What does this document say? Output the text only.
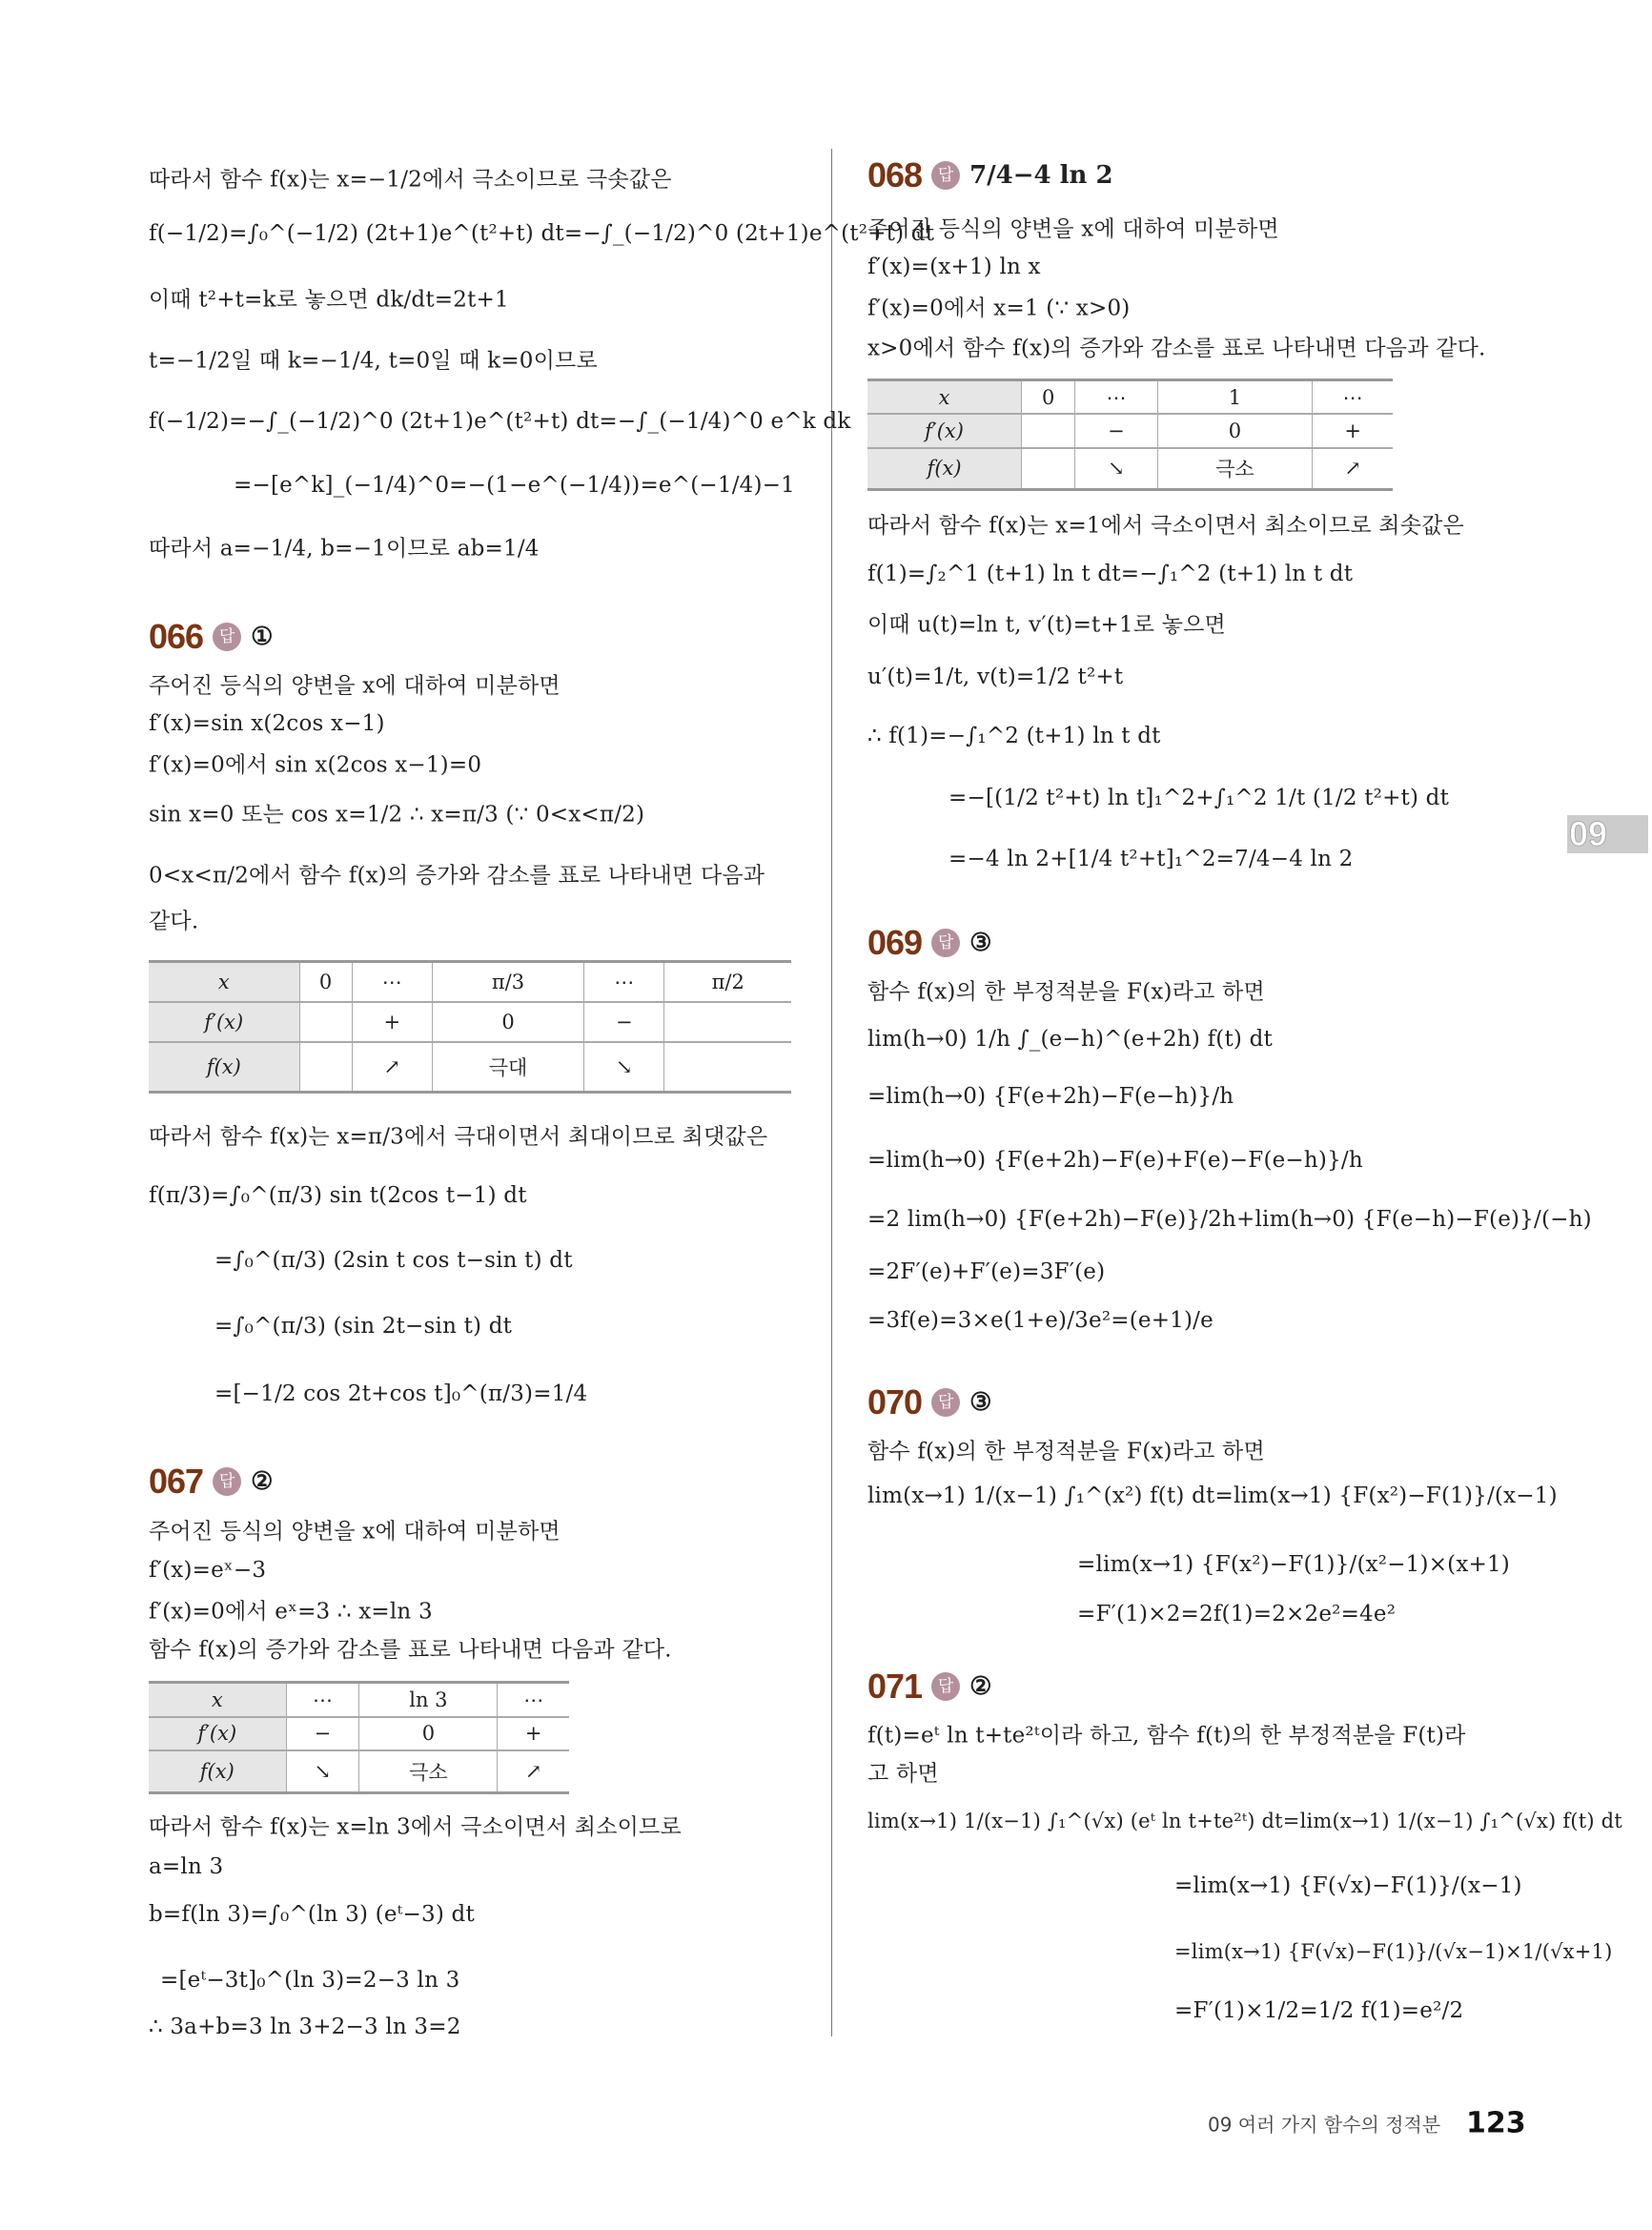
09
따라서 함수 f(x)는 x=−1/2에서 극소이므로 극솟값은
f(−1/2)=∫₀^(−1/2) (2t+1)e^(t²+t) dt=−∫_(−1/2)^0 (2t+1)e^(t²+t) dt
이때 t²+t=k로 놓으면 dk/dt=2t+1
t=−1/2일 때 k=−1/4, t=0일 때 k=0이므로
f(−1/2)=−∫_(−1/2)^0 (2t+1)e^(t²+t) dt=−∫_(−1/4)^0 e^k dk
=−[e^k]_(−1/4)^0=−(1−e^(−1/4))=e^(−1/4)−1
따라서 a=−1/4, b=−1이므로 ab=1/4
066 답 ①
주어진 등식의 양변을 x에 대하여 미분하면
f′(x)=sin x(2cos x−1)
f′(x)=0에서 sin x(2cos x−1)=0
sin x=0 또는 cos x=1/2 ∴ x=π/3 (∵ 0<x<π/2)
0<x<π/2에서 함수 f(x)의 증가와 감소를 표로 나타내면 다음과
같다.
x	0	⋯	π/3	⋯	π/2
f′(x)		+	0	−	
f(x)		↗	극대	↘	
따라서 함수 f(x)는 x=π/3에서 극대이면서 최대이므로 최댓값은
f(π/3)=∫₀^(π/3) sin t(2cos t−1) dt
=∫₀^(π/3) (2sin t cos t−sin t) dt
=∫₀^(π/3) (sin 2t−sin t) dt
=[−1/2 cos 2t+cos t]₀^(π/3)=1/4
067 답 ②
주어진 등식의 양변을 x에 대하여 미분하면
f′(x)=eˣ−3
f′(x)=0에서 eˣ=3 ∴ x=ln 3
함수 f(x)의 증가와 감소를 표로 나타내면 다음과 같다.
x	⋯	ln 3	⋯
f′(x)	−	0	+
f(x)	↘	극소	↗
따라서 함수 f(x)는 x=ln 3에서 극소이면서 최소이므로
a=ln 3
b=f(ln 3)=∫₀^(ln 3) (eᵗ−3) dt
=[eᵗ−3t]₀^(ln 3)=2−3 ln 3
∴ 3a+b=3 ln 3+2−3 ln 3=2
068 답 7/4−4 ln 2
주어진 등식의 양변을 x에 대하여 미분하면
f′(x)=(x+1) ln x
f′(x)=0에서 x=1 (∵ x>0)
x>0에서 함수 f(x)의 증가와 감소를 표로 나타내면 다음과 같다.
x	0	⋯	1	⋯
f′(x)		−	0	+
f(x)		↘	극소	↗
따라서 함수 f(x)는 x=1에서 극소이면서 최소이므로 최솟값은
f(1)=∫₂^1 (t+1) ln t dt=−∫₁^2 (t+1) ln t dt
이때 u(t)=ln t, v′(t)=t+1로 놓으면
u′(t)=1/t, v(t)=1/2 t²+t
∴ f(1)=−∫₁^2 (t+1) ln t dt
=−[(1/2 t²+t) ln t]₁^2+∫₁^2 1/t (1/2 t²+t) dt
=−4 ln 2+[1/4 t²+t]₁^2=7/4−4 ln 2
069 답 ③
함수 f(x)의 한 부정적분을 F(x)라고 하면
lim(h→0) 1/h ∫_(e−h)^(e+2h) f(t) dt
=lim(h→0) {F(e+2h)−F(e−h)}/h
=lim(h→0) {F(e+2h)−F(e)+F(e)−F(e−h)}/h
=2 lim(h→0) {F(e+2h)−F(e)}/2h+lim(h→0) {F(e−h)−F(e)}/(−h)
=2F′(e)+F′(e)=3F′(e)
=3f(e)=3×e(1+e)/3e²=(e+1)/e
070 답 ③
함수 f(x)의 한 부정적분을 F(x)라고 하면
lim(x→1) 1/(x−1) ∫₁^(x²) f(t) dt=lim(x→1) {F(x²)−F(1)}/(x−1)
=lim(x→1) {F(x²)−F(1)}/(x²−1)×(x+1)
=F′(1)×2=2f(1)=2×2e²=4e²
071 답 ②
f(t)=eᵗ ln t+te²ᵗ이라 하고, 함수 f(t)의 한 부정적분을 F(t)라
고 하면
lim(x→1) 1/(x−1) ∫₁^(√x) (eᵗ ln t+te²ᵗ) dt=lim(x→1) 1/(x−1) ∫₁^(√x) f(t) dt
=lim(x→1) {F(√x)−F(1)}/(x−1)
=lim(x→1) {F(√x)−F(1)}/(√x−1)×1/(√x+1)
=F′(1)×1/2=1/2 f(1)=e²/2
09 여러 가지 함수의 정적분 123
